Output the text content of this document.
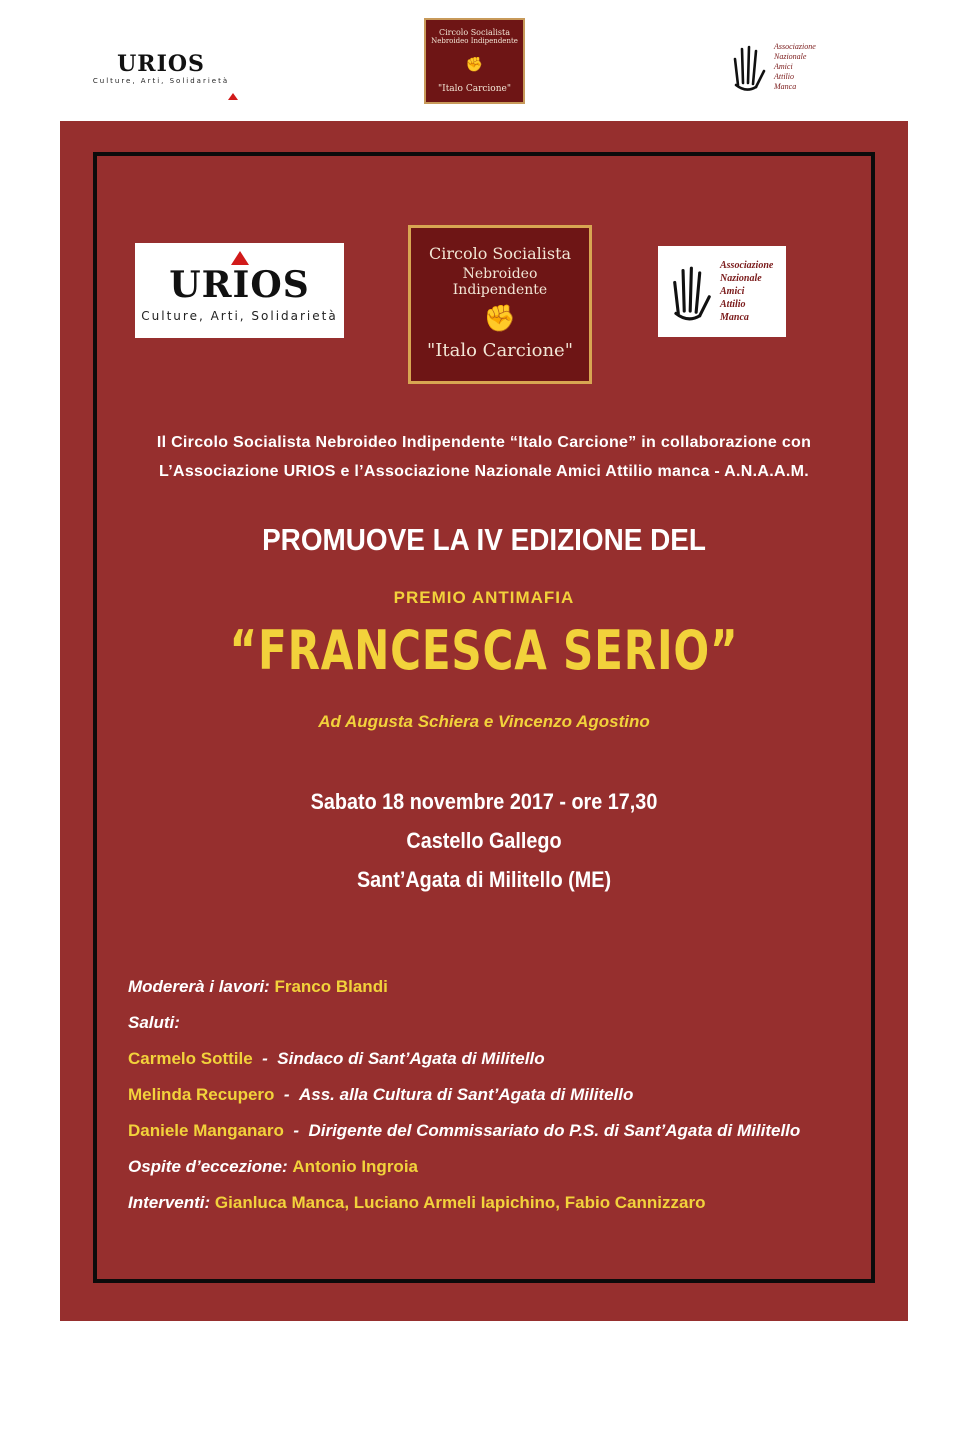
URIOS
Culture, Arti, Solidarietà
Circolo Socialista
Nebroideo Indipendente
✊
"Italo Carcione"
Associazione
Nazionale
Amici
Attilio
Manca
URIOS
Culture, Arti, Solidarietà
Circolo Socialista
Nebroideo Indipendente
✊
"Italo Carcione"
Associazione
Nazionale
Amici
Attilio
Manca
Il Circolo Socialista Nebroideo Indipendente “Italo Carcione” in collaborazione con
L’Associazione URIOS e l’Associazione Nazionale Amici Attilio manca - A.N.A.A.M.
PROMUOVE LA IV EDIZIONE DEL
PREMIO ANTIMAFIA
“FRANCESCA SERIO”
Ad Augusta Schiera e Vincenzo Agostino
Sabato 18 novembre 2017 - ore 17,30
Castello Gallego
Sant’Agata di Militello (ME)
Modererà i lavori: Franco Blandi
Saluti:
Carmelo Sottile  -  Sindaco di Sant’Agata di Militello
Melinda Recupero  -  Ass. alla Cultura di Sant’Agata di Militello
Daniele Manganaro  -  Dirigente del Commissariato do P.S. di Sant’Agata di Militello
Ospite d’eccezione: Antonio Ingroia
Interventi: Gianluca Manca, Luciano Armeli Iapichino, Fabio Cannizzaro
